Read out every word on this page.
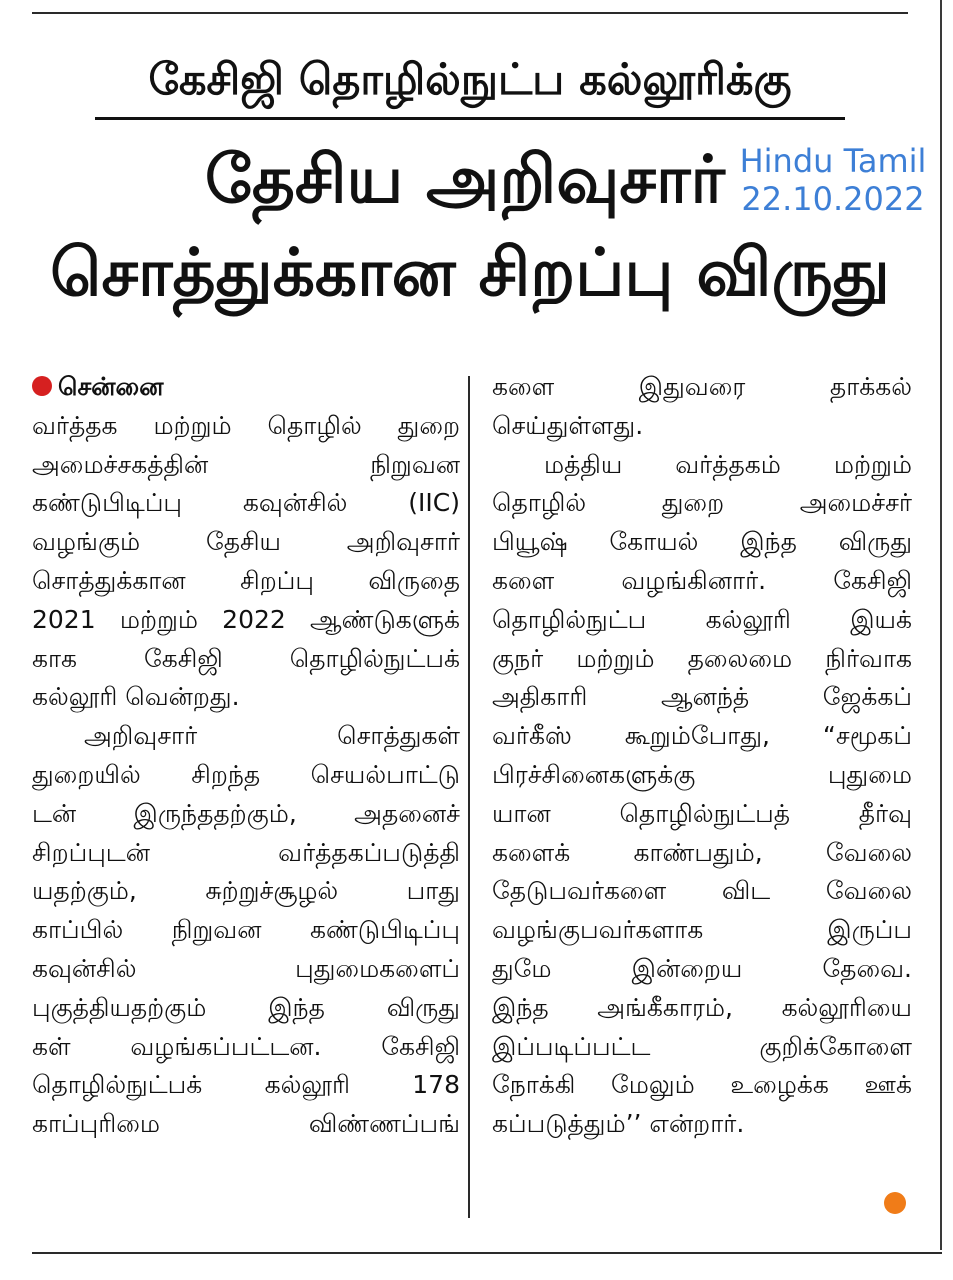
கேசிஜி தொழில்நுட்ப கல்லூரிக்கு
தேசிய அறிவுசார்
சொத்துக்கான சிறப்பு விருது
Hindu Tamil
22.10.2022
சென்னை
வர்த்தக மற்றும் தொழில் துறை
அமைச்சகத்தின் நிறுவன
கண்டுபிடிப்பு கவுன்சில் (IIC)
வழங்கும் தேசிய அறிவுசார்
சொத்துக்கான சிறப்பு விருதை
2021 மற்றும் 2022 ஆண்டுகளுக்
காக கேசிஜி தொழில்நுட்பக்
கல்லூரி வென்றது.
அறிவுசார் சொத்துகள்
துறையில் சிறந்த செயல்பாட்டு
டன் இருந்ததற்கும், அதனைச்
சிறப்புடன் வர்த்தகப்படுத்தி
யதற்கும், சுற்றுச்சூழல் பாது
காப்பில் நிறுவன கண்டுபிடிப்பு
கவுன்சில் புதுமைகளைப்
புகுத்தியதற்கும் இந்த விருது
கள் வழங்கப்பட்டன. கேசிஜி
தொழில்நுட்பக் கல்லூரி 178
காப்புரிமை விண்ணப்பங்
களை இதுவரை தாக்கல்
செய்துள்ளது.
மத்திய வர்த்தகம் மற்றும்
தொழில் துறை அமைச்சர்
பியூஷ் கோயல் இந்த விருது
களை வழங்கினார். கேசிஜி
தொழில்நுட்ப கல்லூரி இயக்
குநர் மற்றும் தலைமை நிர்வாக
அதிகாரி ஆனந்த் ஜேக்கப்
வர்கீஸ் கூறும்போது, “சமூகப்
பிரச்சினைகளுக்கு புதுமை
யான தொழில்நுட்பத் தீர்வு
களைக் காண்பதும், வேலை
தேடுபவர்களை விட வேலை
வழங்குபவர்களாக இருப்ப
துமே இன்றைய தேவை.
இந்த அங்கீகாரம், கல்லூரியை
இப்படிப்பட்ட குறிக்கோளை
நோக்கி மேலும் உழைக்க ஊக்
கப்படுத்தும்’’ என்றார்.
